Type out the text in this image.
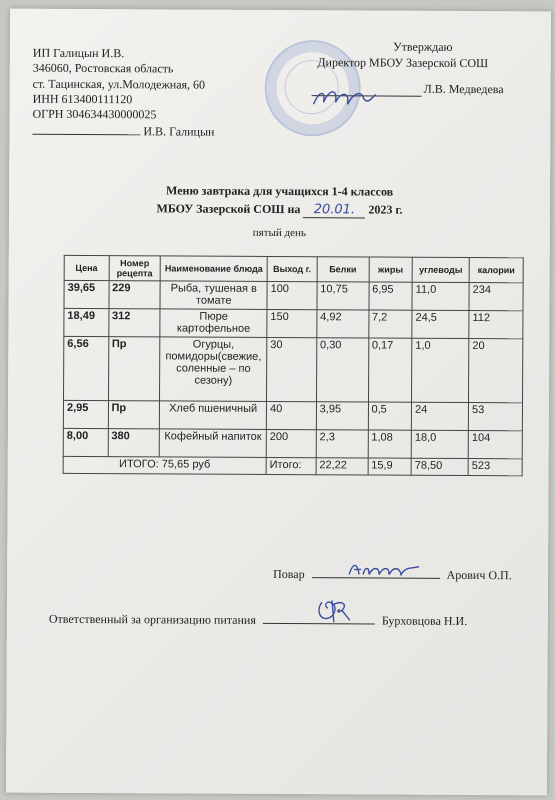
ИП Галицын И.В.
346060, Ростовская область
ст. Тацинская, ул.Молодежная, 60
ИНН 613400111120
ОГРН 304634430000025
И.В. Галицын
Утверждаю
Директор МБОУ Зазерской СОШ
Л.В. Медведева
Меню завтрака для учащихся 1-4 классов
МБОУ Зазерской СОШ на 20.01. 2023 г.
пятый день
Цена	Номер рецепта	Наименование блюда	Выход г.	Белки	жиры	углеводы	калории
39,65	229	Рыба, тушеная в томате	100	10,75	6,95	11,0	234
18,49	312	Пюре картофельное	150	4,92	7,2	24,5	112
6,56	Пр	Огурцы, помидоры(свежие, соленные – по сезону)	30	0,30	0,17	1,0	20
2,95	Пр	Хлеб пшеничный	40	3,95	0,5	24	53
8,00	380	Кофейный напиток	200	2,3	1,08	18,0	104
ИТОГО: 75,65 руб			Итого:	22,22	15,9	78,50	523
Повар	Арович О.П.
Ответственный за организацию питания	Бурховцова Н.И.
